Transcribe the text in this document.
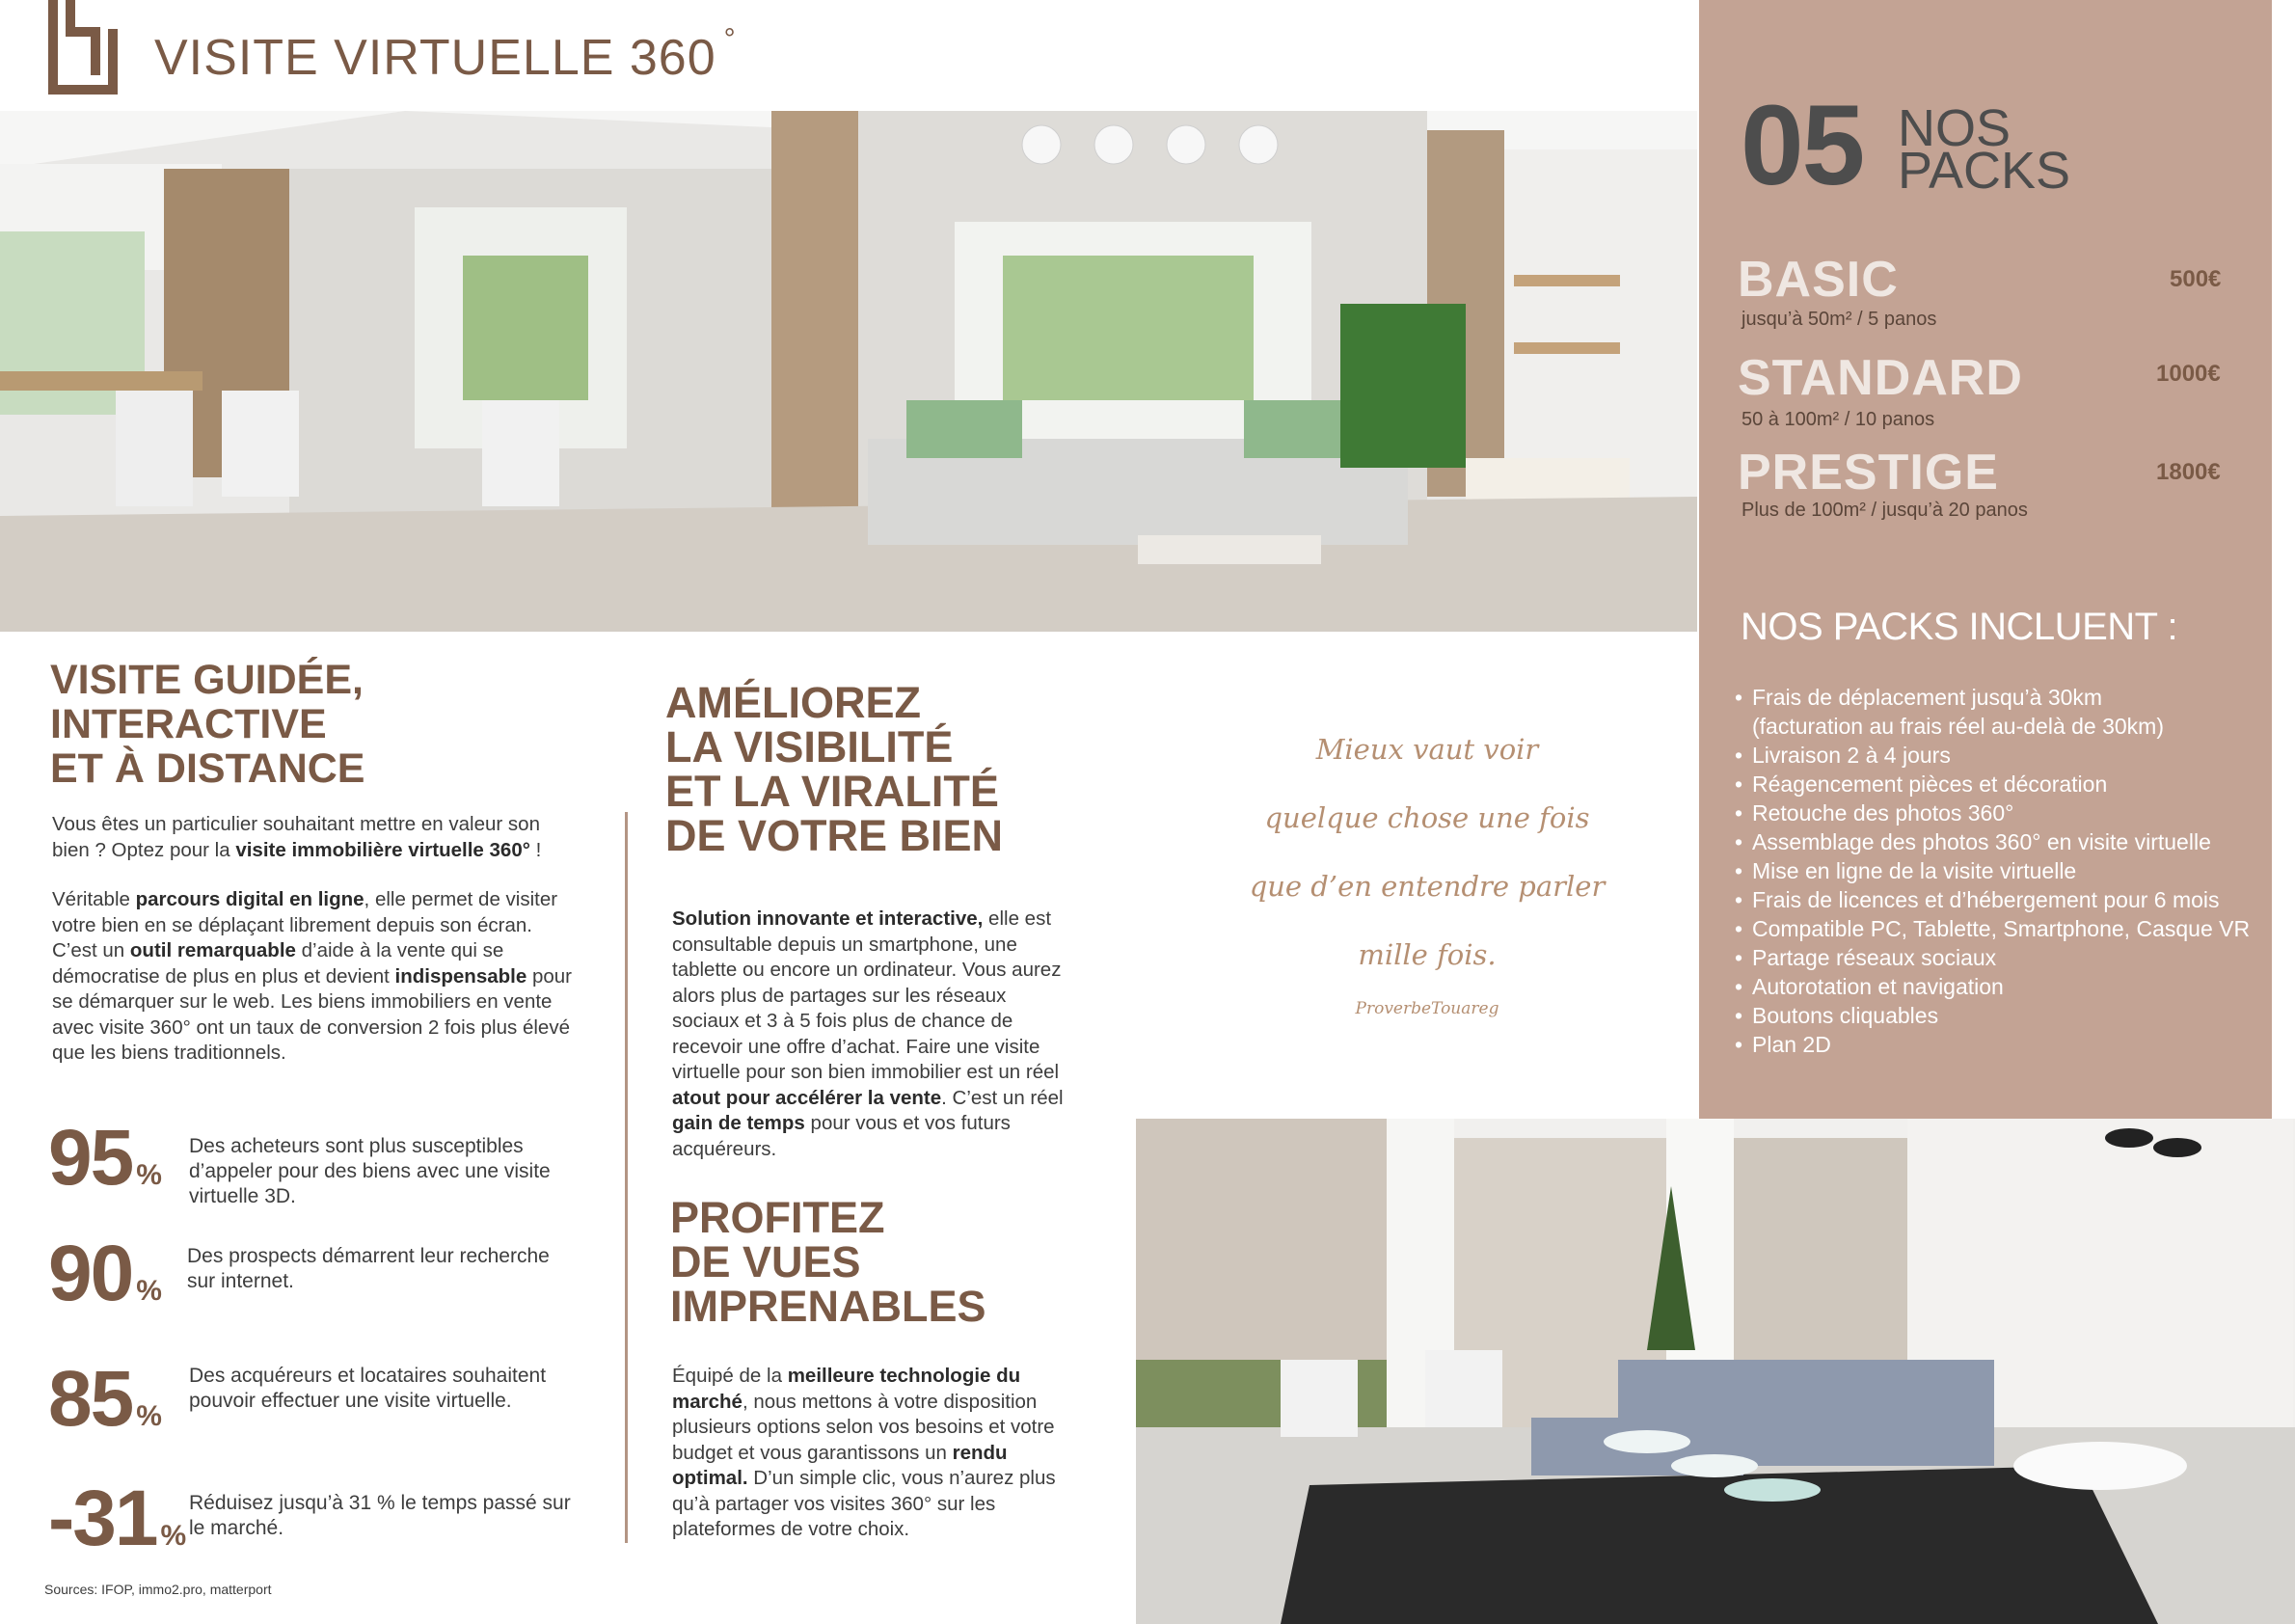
VISITE VIRTUELLE 360 °
05 NOS
PACKS
BASIC	500€
jusqu’à 50m² / 5 panos
STANDARD	1000€
50 à 100m² / 10 panos
PRESTIGE	1800€
Plus de 100m² / jusqu’à 20 panos
NOS PACKS INCLUENT :
• Frais de déplacement jusqu’à 30km
(facturation au frais réel au-delà de 30km)
• Livraison 2 à 4 jours
• Réagencement pièces et décoration
• Retouche des photos 360°
• Assemblage des photos 360° en visite virtuelle
• Mise en ligne de la visite virtuelle
• Frais de licences et d’hébergement pour 6 mois
• Compatible PC, Tablette, Smartphone, Casque VR
• Partage réseaux sociaux
• Autorotation et navigation
• Boutons cliquables
• Plan 2D
VISITE GUIDÉE,
INTERACTIVE
ET À DISTANCE
Vous êtes un particulier souhaitant mettre en valeur son bien ? Optez pour la visite immobilière virtuelle 360° !
Véritable parcours digital en ligne, elle permet de visiter votre bien en se déplaçant librement depuis son écran. C’est un outil remarquable d’aide à la vente qui se démocratise de plus en plus et devient indispensable pour se démarquer sur le web. Les biens immobiliers en vente avec visite 360° ont un taux de conversion 2 fois plus élevé que les biens traditionnels.
95 %
Des acheteurs sont plus susceptibles d’appeler pour des biens avec une visite virtuelle 3D.
90 %
Des prospects démarrent leur recherche sur internet.
85 %
Des acquéreurs et locataires souhaitent pouvoir effectuer une visite virtuelle.
-31 %
Réduisez jusqu’à 31 % le temps passé sur le marché.
Sources: IFOP, immo2.pro, matterport
AMÉLIOREZ
LA VISIBILITÉ
ET LA VIRALITÉ
DE VOTRE BIEN
Solution innovante et interactive, elle est consultable depuis un smartphone, une tablette ou encore un ordinateur. Vous aurez alors plus de partages sur les réseaux sociaux et 3 à 5 fois plus de chance de recevoir une offre d’achat. Faire une visite virtuelle pour son bien immobilier est un réel atout pour accélérer la vente. C’est un réel gain de temps pour vous et vos futurs acquéreurs.
PROFITEZ
DE VUES
IMPRENABLES
Équipé de la meilleure technologie du marché, nous mettons à votre disposition plusieurs options selon vos besoins et votre budget et vous garantissons un rendu optimal. D’un simple clic, vous n’aurez plus qu’à partager vos visites 360° sur les plateformes de votre choix.
Mieux vaut voir
quelque chose une fois
que d’en entendre parler
mille fois.
ProverbeTouareg
